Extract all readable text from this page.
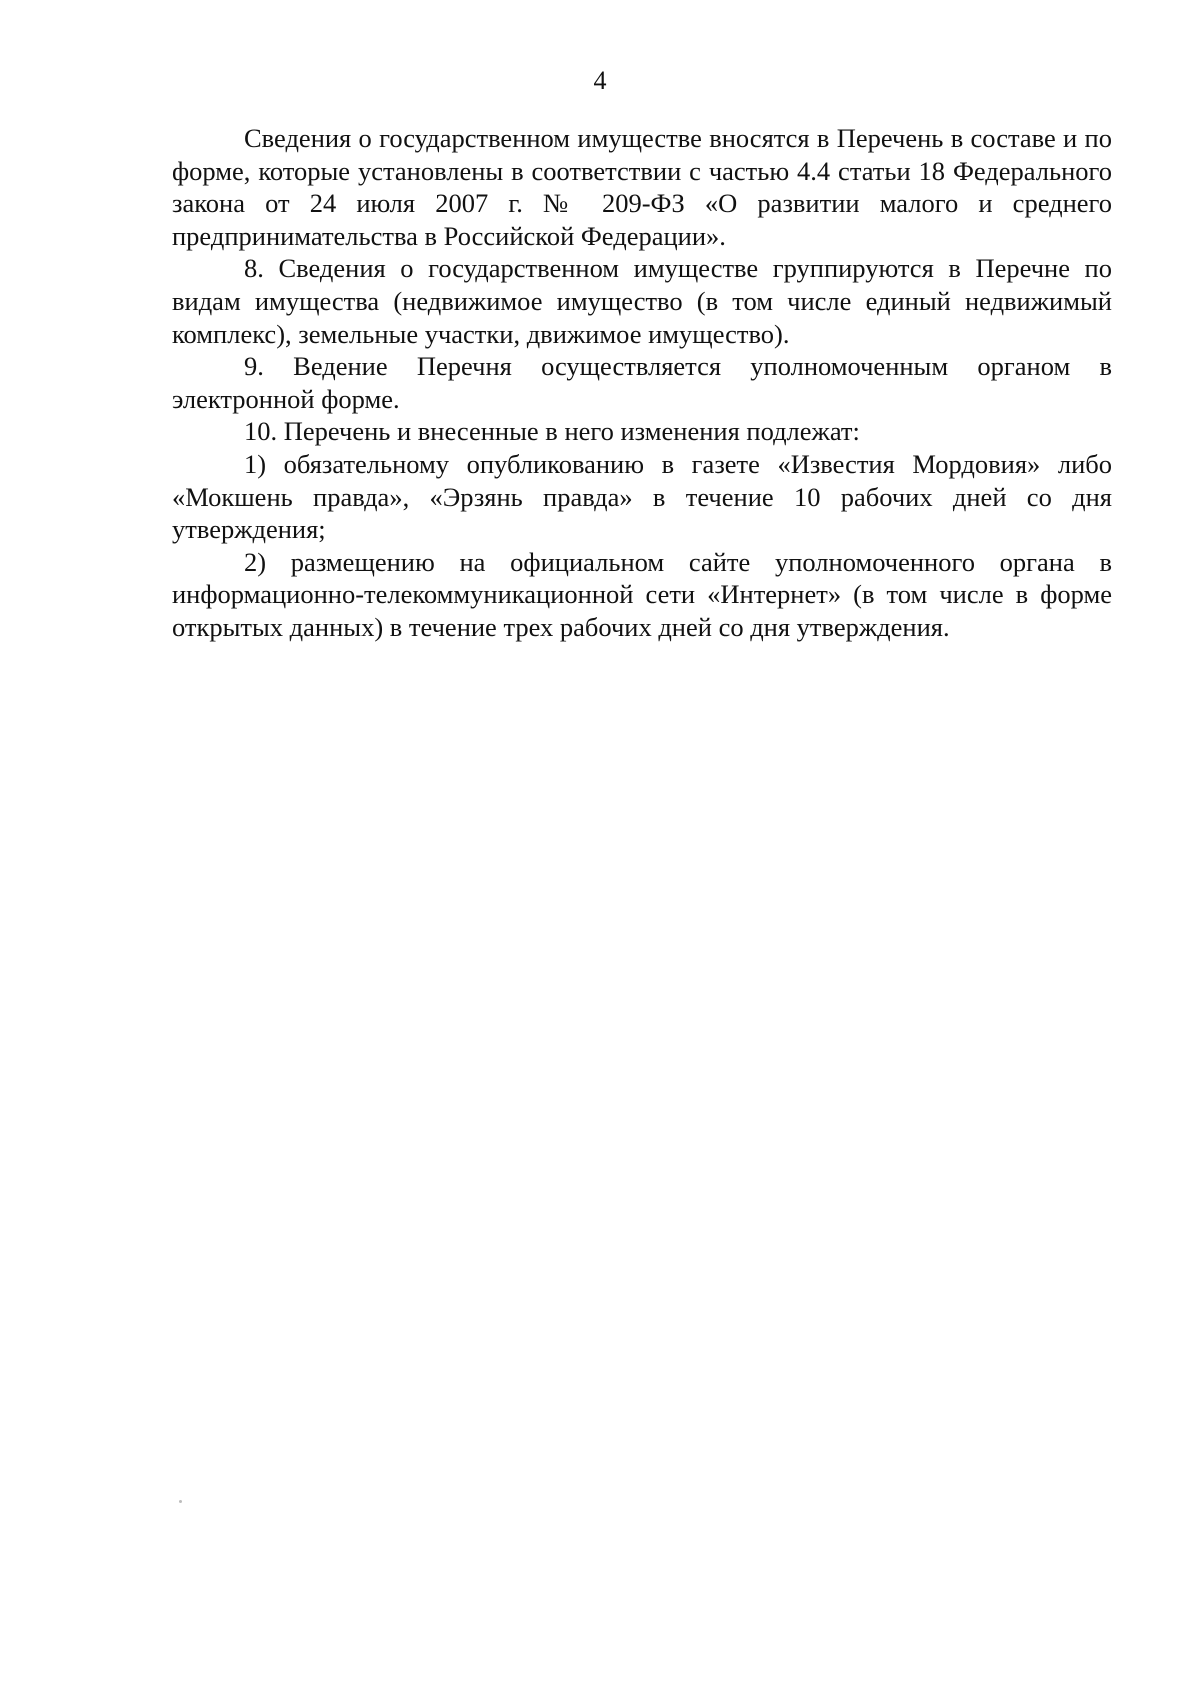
4

Сведения о государственном имуществе вносятся в Перечень в составе и по форме, которые установлены в соответствии с частью 4.4 статьи 18 Федерального закона от 24 июля 2007 г. № 209-ФЗ «О развитии малого и среднего предпринимательства в Российской Федерации».

8. Сведения о государственном имуществе группируются в Перечне по видам имущества (недвижимое имущество (в том числе единый недвижимый комплекс), земельные участки, движимое имущество).

9. Ведение Перечня осуществляется уполномоченным органом в электронной форме.

10. Перечень и внесенные в него изменения подлежат:

1) обязательному опубликованию в газете «Известия Мордовия» либо «Мокшень правда», «Эрзянь правда» в течение 10 рабочих дней со дня утверждения;

2) размещению на официальном сайте уполномоченного органа в информационно-телекоммуникационной сети «Интернет» (в том числе в форме открытых данных) в течение трех рабочих дней со дня утверждения.
